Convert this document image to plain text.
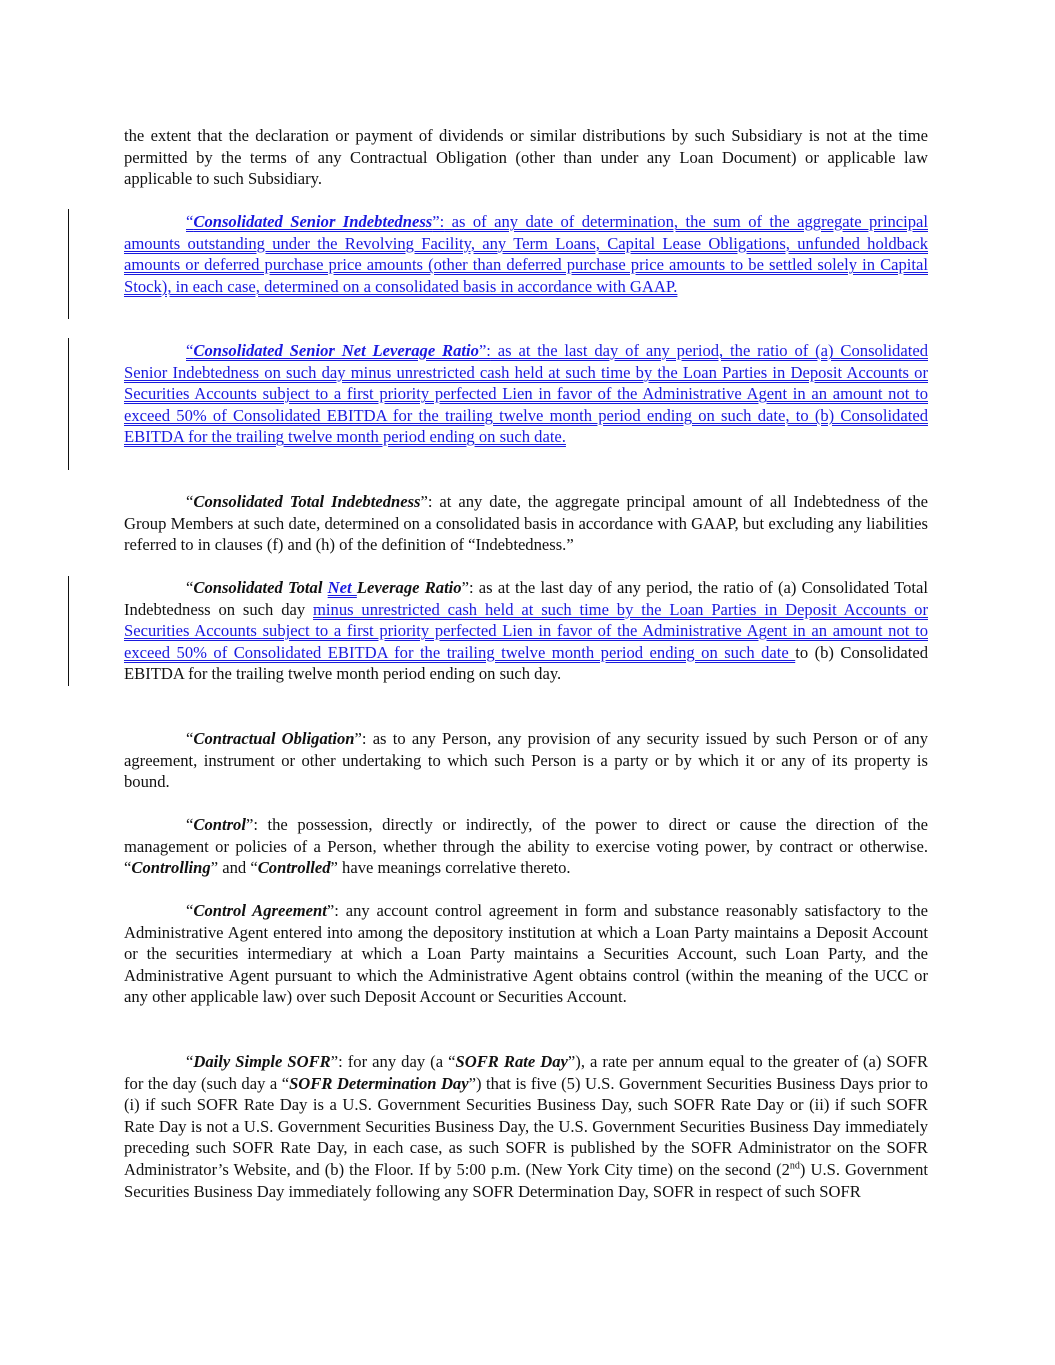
the extent that the declaration or payment of dividends or similar distributions by such Subsidiary is not at the time permitted by the terms of any Contractual Obligation (other than under any Loan Document) or applicable law applicable to such Subsidiary.

“Consolidated Senior Indebtedness”: as of any date of determination, the sum of the aggregate principal amounts outstanding under the Revolving Facility, any Term Loans, Capital Lease Obligations, unfunded holdback amounts or deferred purchase price amounts (other than deferred purchase price amounts to be settled solely in Capital Stock), in each case, determined on a consolidated basis in accordance with GAAP.

“Consolidated Senior Net Leverage Ratio”: as at the last day of any period, the ratio of (a) Consolidated Senior Indebtedness on such day minus unrestricted cash held at such time by the Loan Parties in Deposit Accounts or Securities Accounts subject to a first priority perfected Lien in favor of the Administrative Agent in an amount not to exceed 50% of Consolidated EBITDA for the trailing twelve month period ending on such date, to (b) Consolidated EBITDA for the trailing twelve month period ending on such date.

“Consolidated Total Indebtedness”: at any date, the aggregate principal amount of all Indebtedness of the Group Members at such date, determined on a consolidated basis in accordance with GAAP, but excluding any liabilities referred to in clauses (f) and (h) of the definition of “Indebtedness.”

“Consolidated Total Net Leverage Ratio”: as at the last day of any period, the ratio of (a) Consolidated Total Indebtedness on such day minus unrestricted cash held at such time by the Loan Parties in Deposit Accounts or Securities Accounts subject to a first priority perfected Lien in favor of the Administrative Agent in an amount not to exceed 50% of Consolidated EBITDA for the trailing twelve month period ending on such date to (b) Consolidated EBITDA for the trailing twelve month period ending on such day.

“Contractual Obligation”: as to any Person, any provision of any security issued by such Person or of any agreement, instrument or other undertaking to which such Person is a party or by which it or any of its property is bound.

“Control”: the possession, directly or indirectly, of the power to direct or cause the direction of the management or policies of a Person, whether through the ability to exercise voting power, by contract or otherwise. “Controlling” and “Controlled” have meanings correlative thereto.

“Control Agreement”: any account control agreement in form and substance reasonably satisfactory to the Administrative Agent entered into among the depository institution at which a Loan Party maintains a Deposit Account or the securities intermediary at which a Loan Party maintains a Securities Account, such Loan Party, and the Administrative Agent pursuant to which the Administrative Agent obtains control (within the meaning of the UCC or any other applicable law) over such Deposit Account or Securities Account.

“Daily Simple SOFR”: for any day (a “SOFR Rate Day”), a rate per annum equal to the greater of (a) SOFR for the day (such day a “SOFR Determination Day”) that is five (5) U.S. Government Securities Business Days prior to (i) if such SOFR Rate Day is a U.S. Government Securities Business Day, such SOFR Rate Day or (ii) if such SOFR Rate Day is not a U.S. Government Securities Business Day, the U.S. Government Securities Business Day immediately preceding such SOFR Rate Day, in each case, as such SOFR is published by the SOFR Administrator on the SOFR Administrator’s Website, and (b) the Floor. If by 5:00 p.m. (New York City time) on the second (2nd) U.S. Government Securities Business Day immediately following any SOFR Determination Day, SOFR in respect of such SOFR
